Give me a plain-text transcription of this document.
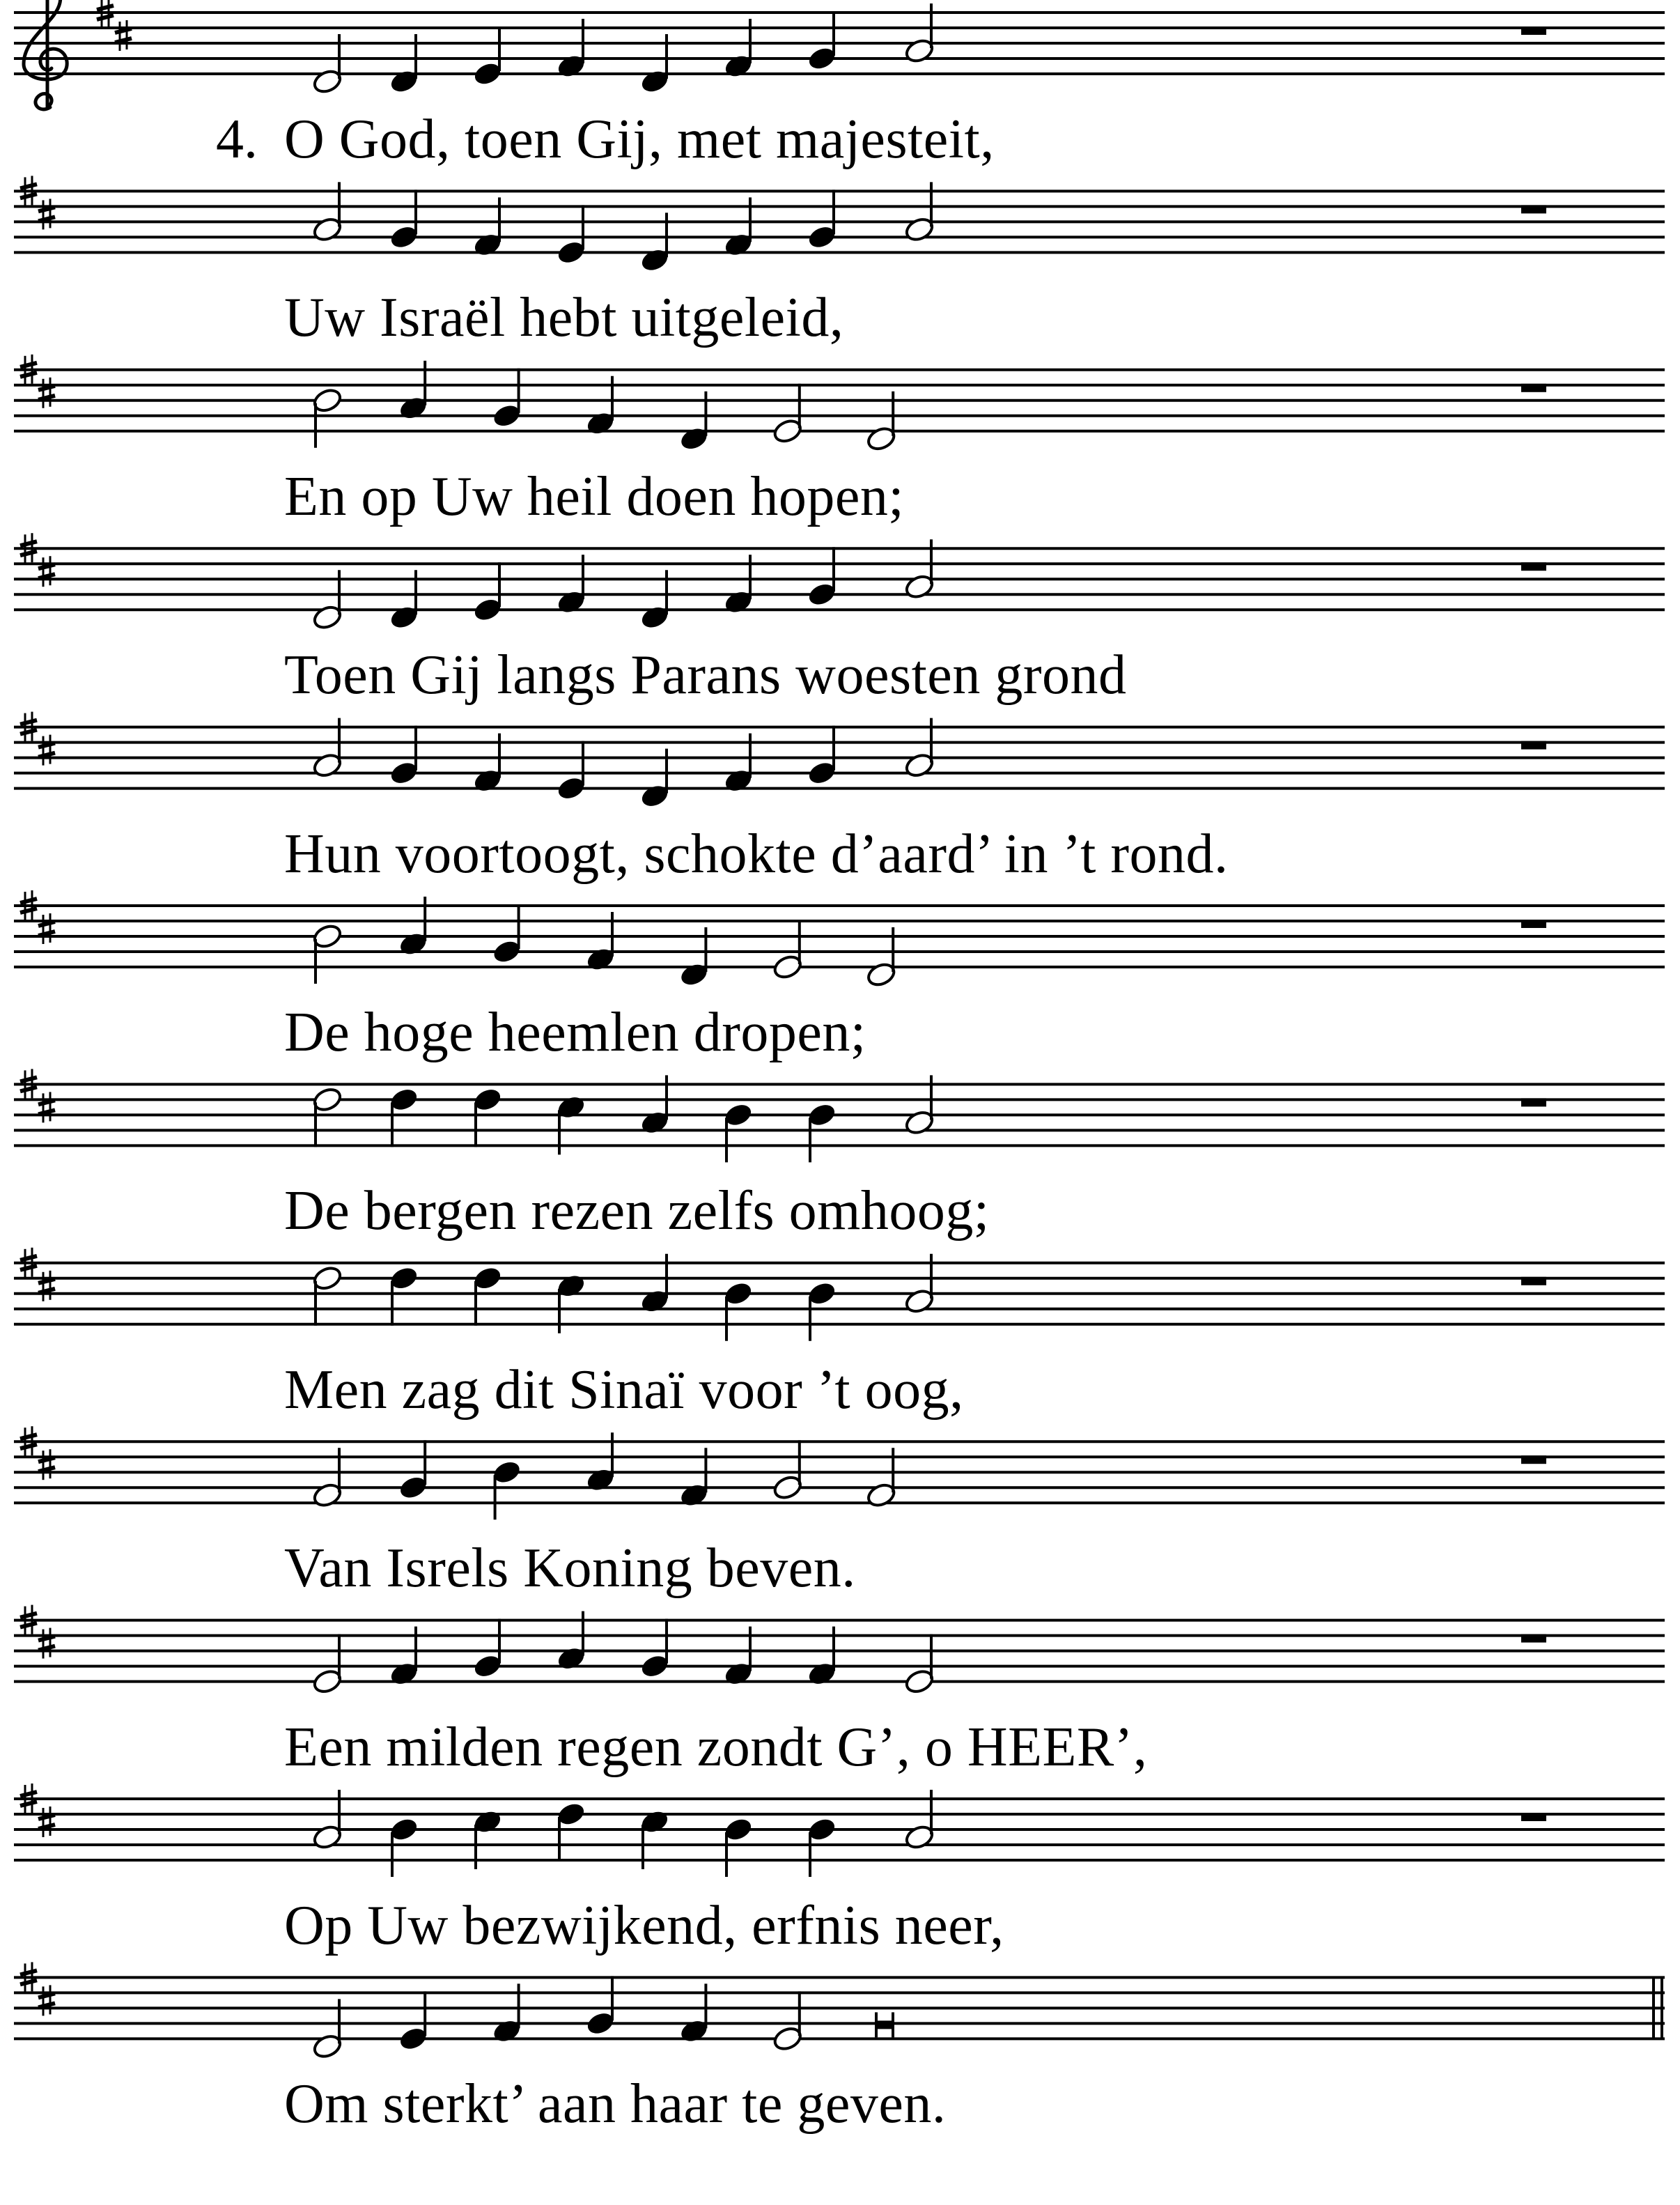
O God, toen Gij, met majesteit,
4.
Uw Israël hebt uitgeleid,
En op Uw heil doen hopen;
Toen Gij langs Parans woesten grond
Hun voortoogt, schokte d’aard’ in ’t rond.
De hoge heemlen dropen;
De bergen rezen zelfs omhoog;
Men zag dit Sinaï voor ’t oog,
Van Isrels Koning beven.
Een milden regen zondt G’, o HEER’,
Op Uw bezwijkend, erfnis neer,
Om sterkt’ aan haar te geven.
